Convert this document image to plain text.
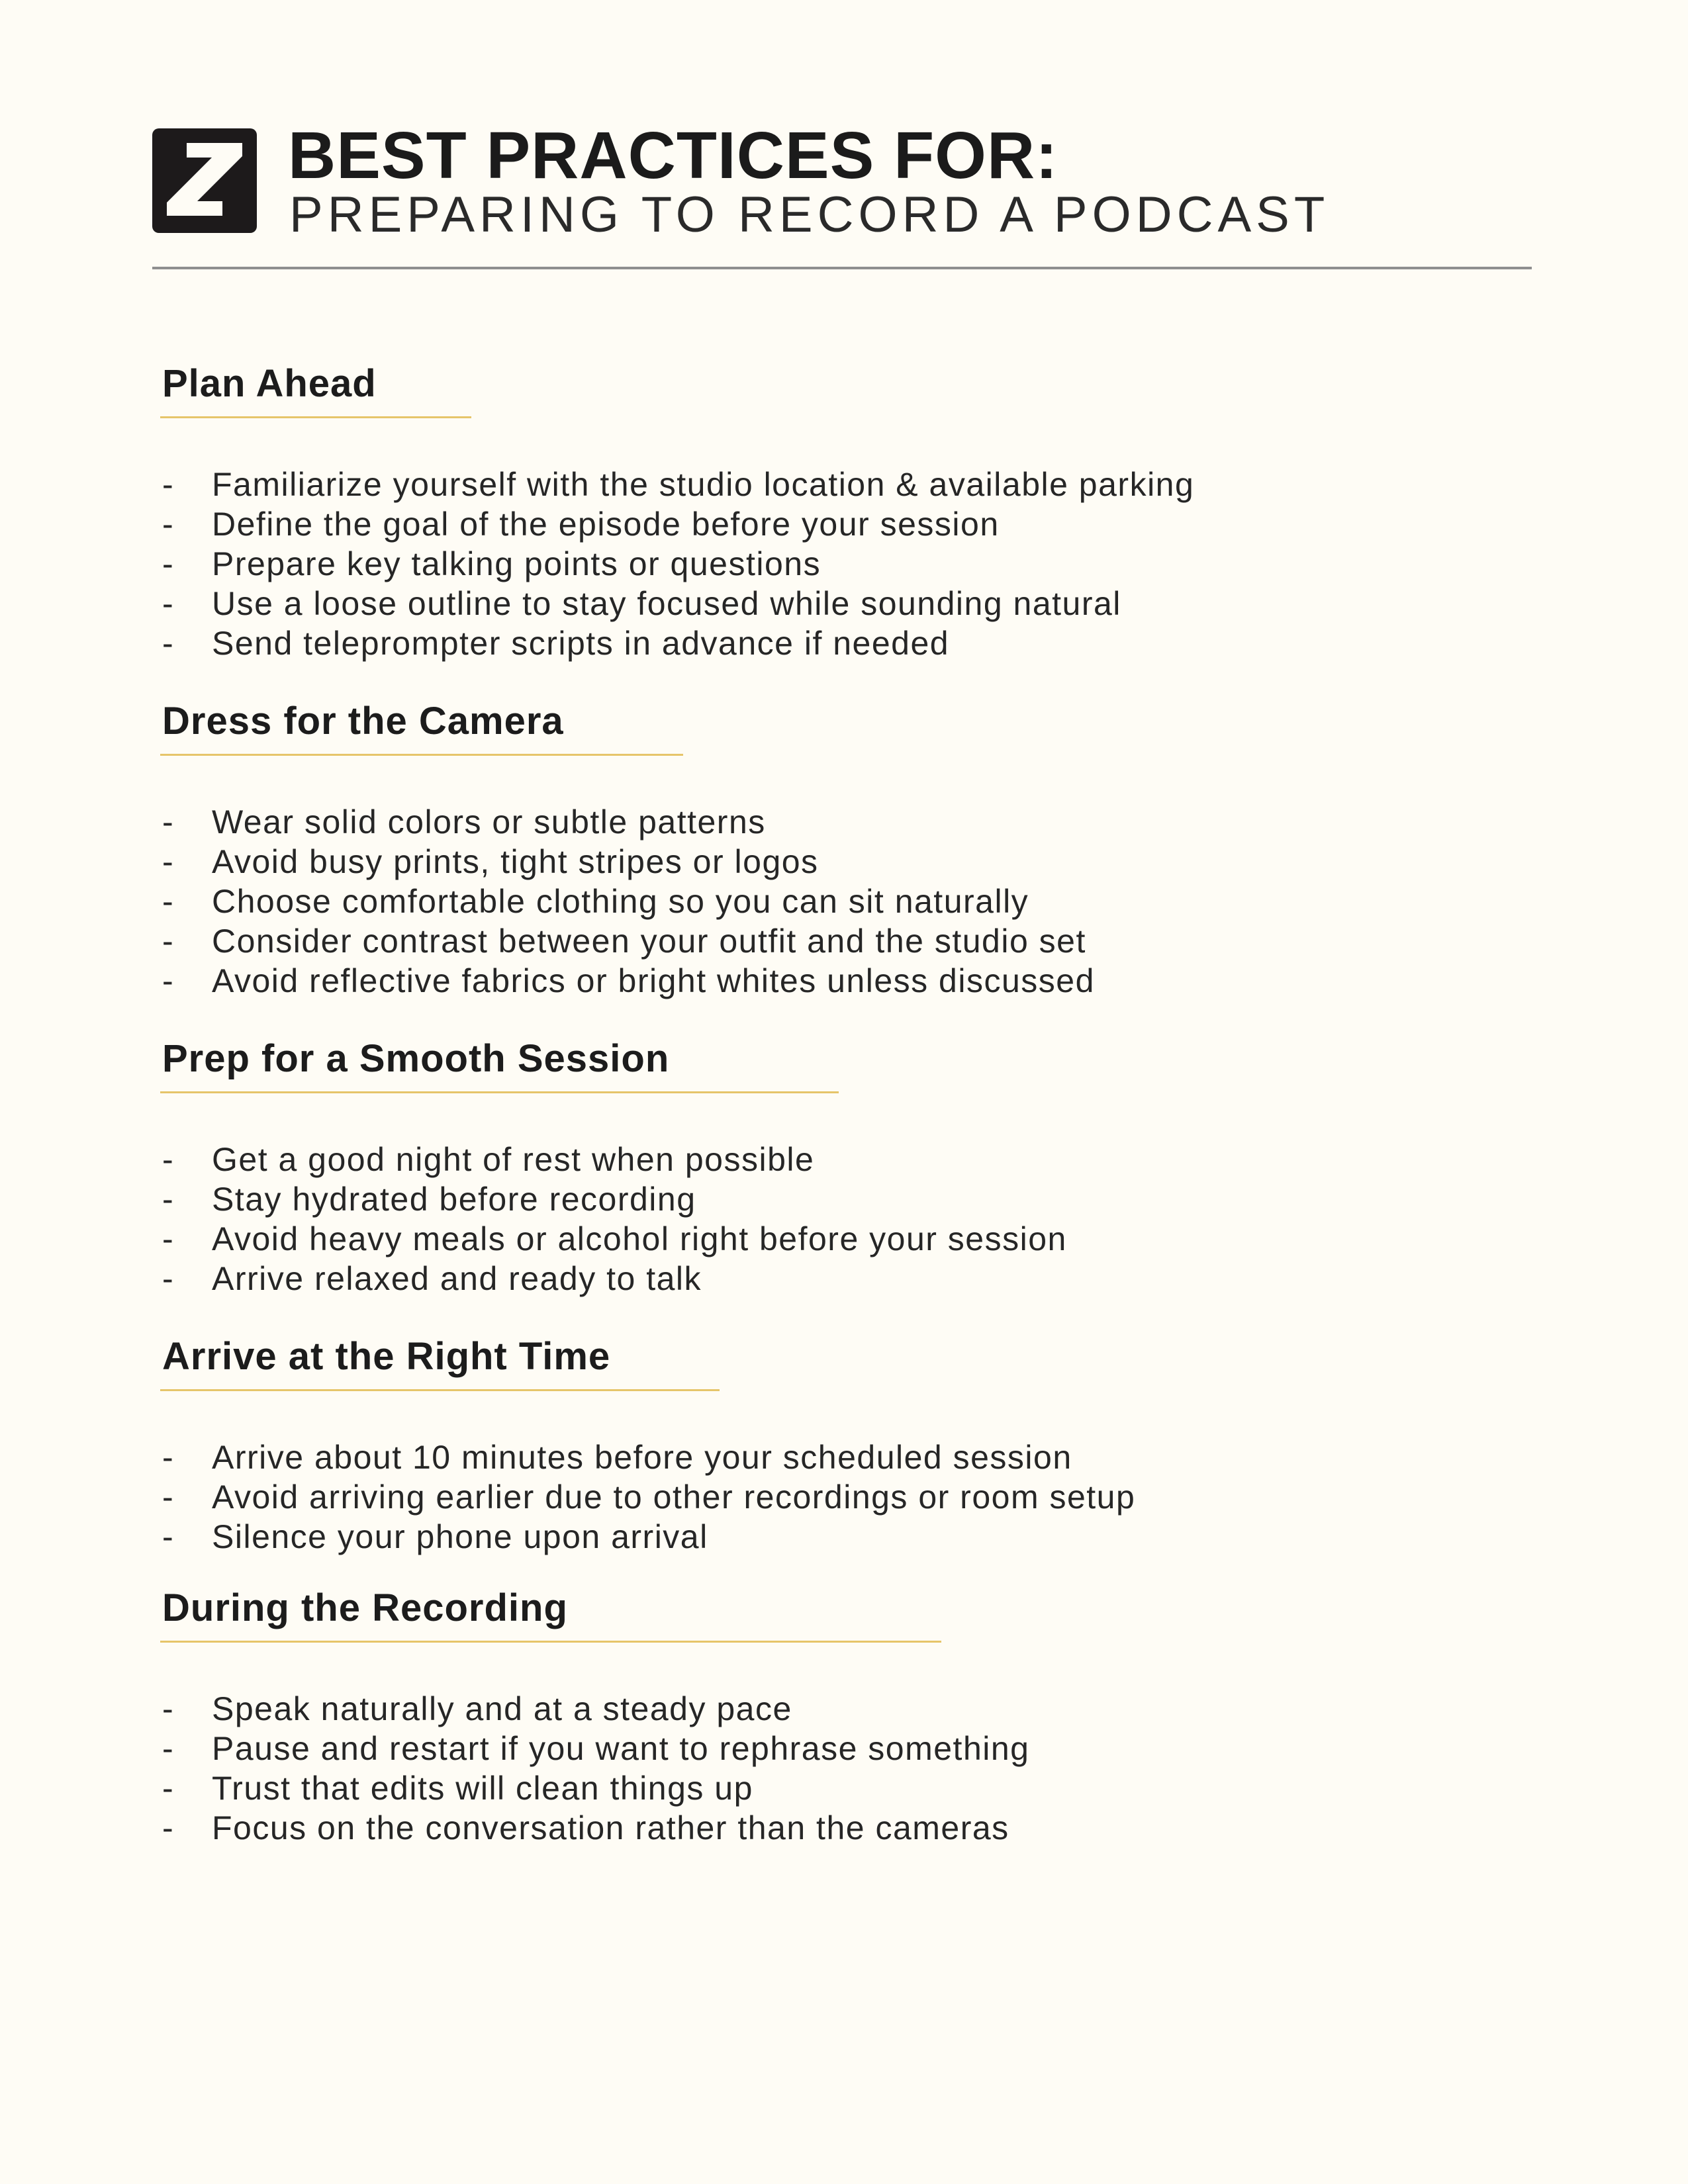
BEST PRACTICES FOR:
PREPARING TO RECORD A PODCAST
Plan Ahead
- Familiarize yourself with the studio location & available parking
- Define the goal of the episode before your session
- Prepare key talking points or questions
- Use a loose outline to stay focused while sounding natural
- Send teleprompter scripts in advance if needed
Dress for the Camera
- Wear solid colors or subtle patterns
- Avoid busy prints, tight stripes or logos
- Choose comfortable clothing so you can sit naturally
- Consider contrast between your outfit and the studio set
- Avoid reflective fabrics or bright whites unless discussed
Prep for a Smooth Session
- Get a good night of rest when possible
- Stay hydrated before recording
- Avoid heavy meals or alcohol right before your session
- Arrive relaxed and ready to talk
Arrive at the Right Time
- Arrive about 10 minutes before your scheduled session
- Avoid arriving earlier due to other recordings or room setup
- Silence your phone upon arrival
During the Recording
- Speak naturally and at a steady pace
- Pause and restart if you want to rephrase something
- Trust that edits will clean things up
- Focus on the conversation rather than the cameras
